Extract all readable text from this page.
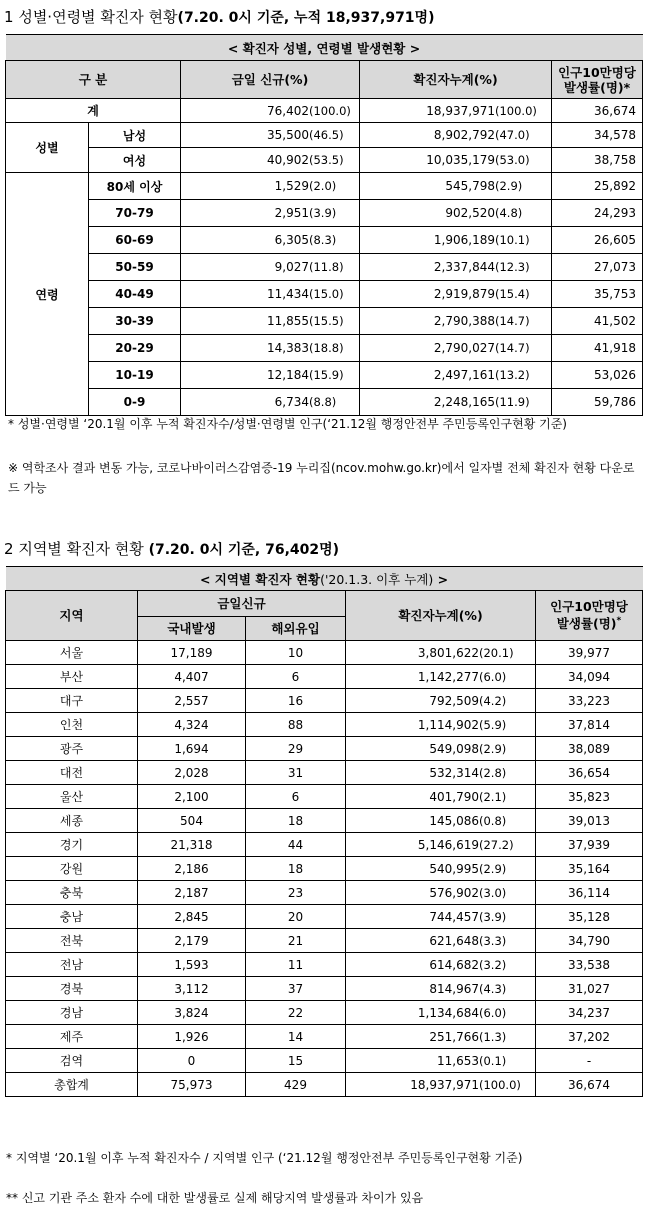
1 성별·연령별 확진자 현황(7.20. 0시 기준, 누적 18,937,971명)
< 확진자 성별, 연령별 발생현황 >				
구 분		금일 신규(%)	확진자누계(%)	인구10만명당
발생률(명)*

계		76,402 (100.0)	18,937,971 (100.0)	36,674
성별	남성	35,500 (46.5)	8,902,792 (47.0)	34,578
	여성	40,902 (53.5)	10,035,179 (53.0)	38,758
연령	80세 이상	1,529 (2.0)	545,798 (2.9)	25,892
	70-79	2,951 (3.9)	902,520 (4.8)	24,293
	60-69	6,305 (8.3)	1,906,189 (10.1)	26,605
	50-59	9,027 (11.8)	2,337,844 (12.3)	27,073
	40-49	11,434 (15.0)	2,919,879 (15.4)	35,753
	30-39	11,855 (15.5)	2,790,388 (14.7)	41,502
	20-29	14,383 (18.8)	2,790,027 (14.7)	41,918
	10-19	12,184 (15.9)	2,497,161 (13.2)	53,026
	0-9	6,734 (8.8)	2,248,165 (11.9)	59,786
* 성별·연령별 ‘20.1월 이후 누적 확진자수/성별·연령별 인구(‘21.12월 행정안전부 주민등록인구현황 기준)
※ 역학조사 결과 변동 가능, 코로나바이러스감염증-19 누리집(ncov.mohw.go.kr)에서 일자별 전체 확진자 현황 다운로드 가능
2 지역별 확진자 현황 (7.20. 0시 기준, 76,402명)
< 지역별 확진자 현황('20.1.3. 이후 누계) >				
지역	금일신규		확진자누계(%)	인구10만명당
발생률(명)*

	국내발생	해외유입		
서울	17,189	10	3,801,622 (20.1)	39,977
부산	4,407	6	1,142,277 (6.0)	34,094
대구	2,557	16	792,509 (4.2)	33,223
인천	4,324	88	1,114,902 (5.9)	37,814
광주	1,694	29	549,098 (2.9)	38,089
대전	2,028	31	532,314 (2.8)	36,654
울산	2,100	6	401,790 (2.1)	35,823
세종	504	18	145,086 (0.8)	39,013
경기	21,318	44	5,146,619 (27.2)	37,939
강원	2,186	18	540,995 (2.9)	35,164
충북	2,187	23	576,902 (3.0)	36,114
충남	2,845	20	744,457 (3.9)	35,128
전북	2,179	21	621,648 (3.3)	34,790
전남	1,593	11	614,682 (3.2)	33,538
경북	3,112	37	814,967 (4.3)	31,027
경남	3,824	22	1,134,684 (6.0)	34,237
제주	1,926	14	251,766 (1.3)	37,202
검역	0	15	11,653 (0.1)	-
총합계	75,973	429	18,937,971 (100.0)	36,674
* 지역별 ‘20.1월 이후 누적 확진자수 / 지역별 인구 (‘21.12월 행정안전부 주민등록인구현황 기준)
** 신고 기관 주소 환자 수에 대한 발생률로 실제 해당지역 발생률과 차이가 있음
